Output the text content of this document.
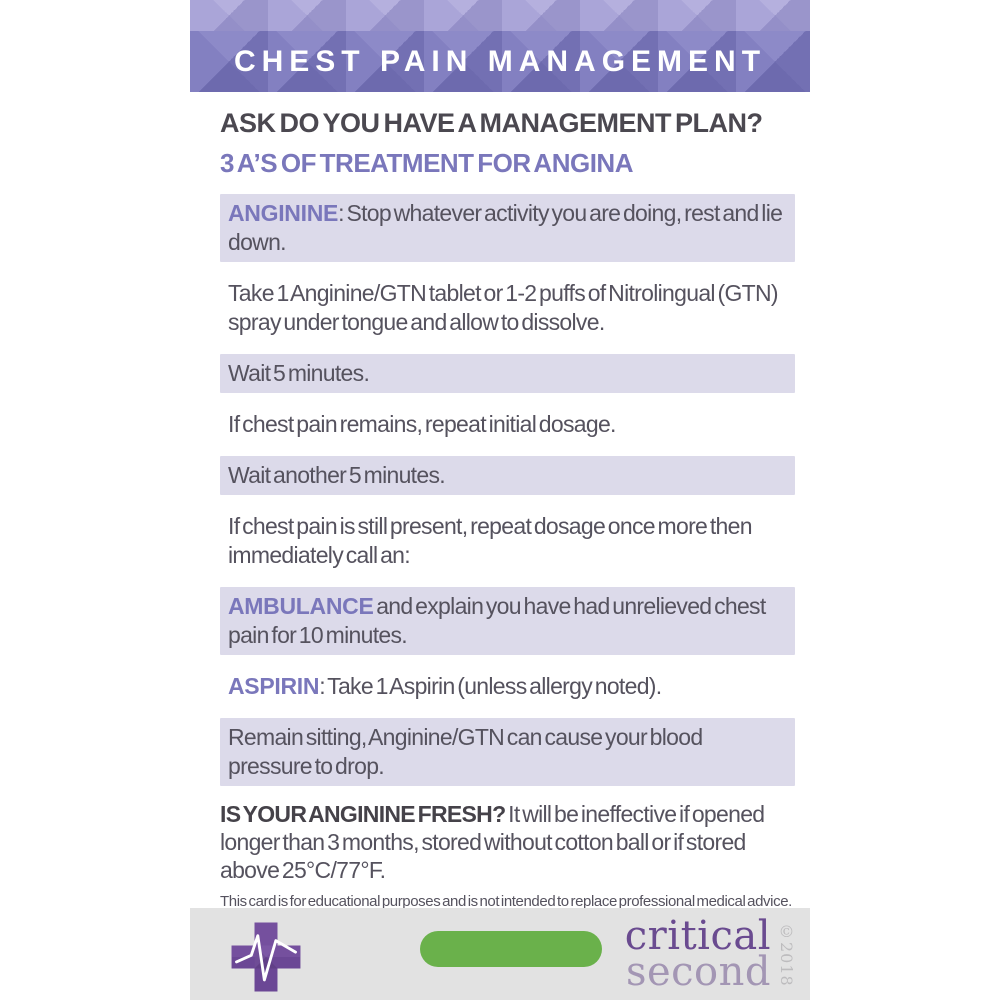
CHEST PAIN MANAGEMENT

ASK DO YOU HAVE A MANAGEMENT PLAN?

3 A’S OF TREATMENT FOR ANGINA

ANGININE: Stop whatever activity you are doing, rest and lie down.
Take 1 Anginine/GTN tablet or 1-2 puffs of Nitrolingual (GTN) spray under tongue and allow to dissolve.
Wait 5 minutes.
If chest pain remains, repeat initial dosage.
Wait another 5 minutes.
If chest pain is still present, repeat dosage once more then immediately call an:
AMBULANCE and explain you have had unrelieved chest pain for 10 minutes.
ASPIRIN: Take 1 Aspirin (unless allergy noted).
Remain sitting, Anginine/GTN can cause your blood pressure to drop.

IS YOUR ANGININE FRESH? It will be ineffective if opened longer than 3 months, stored without cotton ball or if stored above 25°C/77°F.

This card is for educational purposes and is not intended to replace professional medical advice.

critical
second ©2018
